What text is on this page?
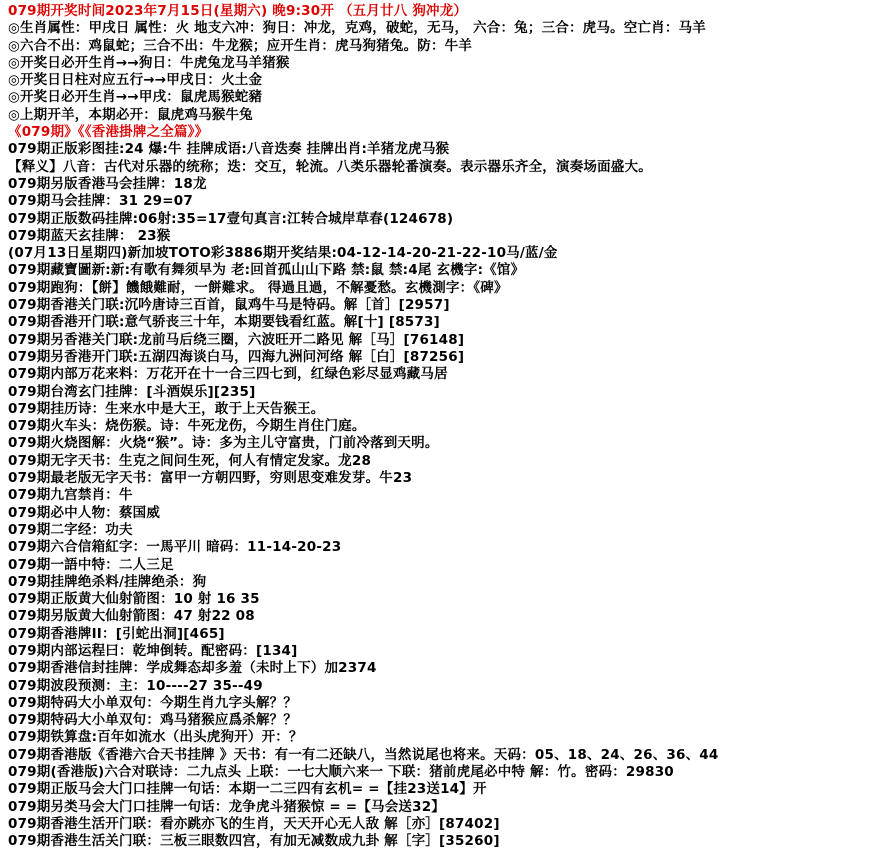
079期开奖时间2023年7月15日(星期六) 晚9:30开 （五月廿八 狗冲龙）
◎生肖属性：甲戌日 属性：火 地支六冲：狗日：冲龙，克鸡，破蛇，无马， 六合：兔；三合：虎马。空亡肖：马羊
◎六合不出：鸡鼠蛇；三合不出：牛龙猴；应开生肖：虎马狗猪兔。防：牛羊
◎开奖日必开生肖→→狗日：牛虎兔龙马羊猪猴
◎开奖日日柱对应五行→→甲戌日：火土金
◎开奖日必开生肖→→甲戌：鼠虎馬猴蛇豬
◎上期开羊，本期必开：鼠虎鸡马猴牛兔
《079期》《《香港掛牌之全篇》》
079期正版彩图挂:24 爆:牛 挂牌成语:八音迭奏 挂牌出肖:羊猪龙虎马猴
【释义】八音：古代对乐器的统称；迭：交互，轮流。八类乐器轮番演奏。表示器乐齐全，演奏场面盛大。
079期另版香港马会挂牌：18龙
079期马会挂牌：31 29=07
079期正版数码挂牌:06射:35=17壹句真言:江转合城岸草春(124678)
079期蓝天玄挂牌： 23猴
(07月13日星期四)新加坡TOTO彩3886期开奖结果:04-12-14-20-21-22-10马/蓝/金
079期藏寶圖新:新:有歌有舞须早为 老:回首孤山山下路 禁:鼠 禁:4尾 玄機字:《馆》
079期跑狗：【餅】饑餓難耐，一餅難求。 得過且過，不解憂愁。玄機測字：《碑》
079期香港关门联:沉吟唐诗三百首，鼠鸡牛马是特码。解［首］[2957]
079期香港开门联:意气骄丧三十年，本期要钱看红蓝。解[十] [8573]
079期另香港关门联:龙前马后绕三圈，六波旺开二路见 解［马］[76148]
079期另香港开门联:五湖四海谈白马，四海九洲问河络 解［白］[87256]
079期内部万花来料：万花开在十一合三四七到，红绿色彩尽显鸡藏马居
079期台湾玄门挂牌：[斗酒娱乐][235]
079期挂历诗：生来水中是大王，敢于上天告猴王。
079期火车头：烧伤猴。诗：牛死龙伤，今期生肖住门庭。
079期火烧图解：火烧“猴”。诗：多为主儿守富贵，门前冷落到天明。
079期无字天书：生克之间问生死，何人有情定发家。龙28
079期最老版无字天书：富甲一方朝四野，穷则思变难发芽。牛23
079期九宫禁肖：牛
079期必中人物：蔡国威
079期二字经：功夫
079期六合信箱紅字：一馬平川 暗码：11-14-20-23
079期一語中特：二人三足
079期挂牌绝杀料/挂牌绝杀：狗
079期正版黄大仙射箭图：10 射 16 35
079期另版黄大仙射箭图：47 射22 08
079期香港牌II：[引蛇出洞][465]
079期内部运程曰：乾坤倒转。配密码：[134]
079期香港信封挂牌：学成舞态却多羞（未时上下）加2374
079期波段预测：主：10----27 35--49
079期特码大小单双句：今期生肖九字头解？？
079期特码大小单双句：鸡马猪猴应爲杀解？？
079期铁算盘:百年如流水（出头虎狗开）开：？
079期香港版《香港六合天书挂牌 》天书：有一有二还缺八，当然说尾也将来。天码：05、18、24、26、36、44
079期(香港版)六合对联诗：二九点头 上联：一七大顺六来一 下联：猪前虎尾必中特 解：竹。密码：29830
079期正版马会大门口挂牌一句话：本期一二三四有玄机= =【挂23送14】开
079期另类马会大门口挂牌一句话：龙争虎斗猪猴惊 = =【马会送32】
079期香港生活开门联：看亦跳亦飞的生肖，天天开心无人敌 解［亦］[87402]
079期香港生活关门联：三板三眼数四宫，有加无减数成九卦 解［字］[35260]
